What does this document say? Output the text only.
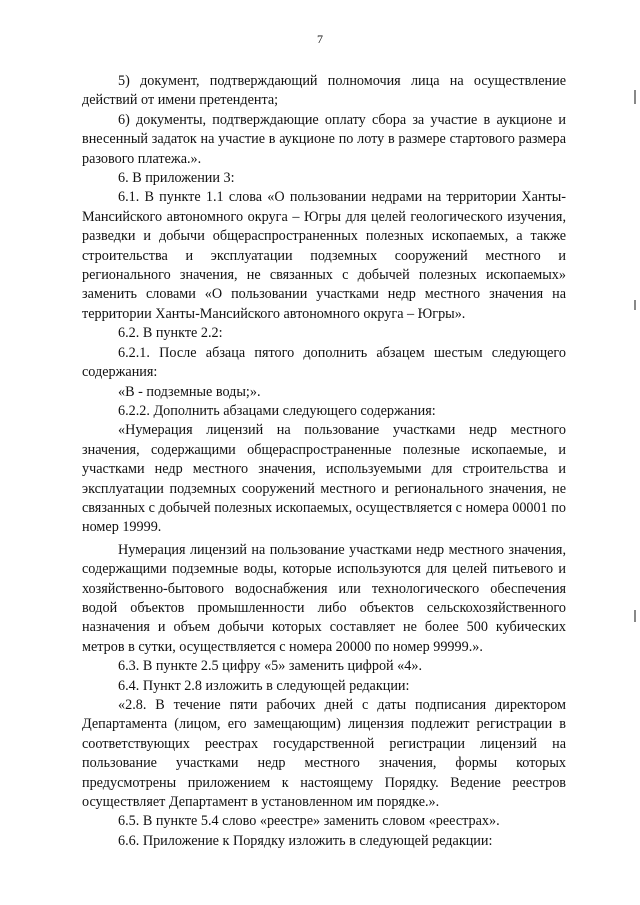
7

5) документ, подтверждающий полномочия лица на осуществление действий от имени претендента;

6) документы, подтверждающие оплату сбора за участие в аукционе и внесенный задаток на участие в аукционе по лоту в размере стартового размера разового платежа.».

6. В приложении 3:

6.1. В пункте 1.1 слова «О пользовании недрами на территории Ханты-Мансийского автономного округа – Югры для целей геологического изучения, разведки и добычи общераспространенных полезных ископаемых, а также строительства и эксплуатации подземных сооружений местного и регионального значения, не связанных с добычей полезных ископаемых» заменить словами «О пользовании участками недр местного значения на территории Ханты-Мансийского автономного округа – Югры».

6.2. В пункте 2.2:

6.2.1. После абзаца пятого дополнить абзацем шестым следующего содержания:

«В - подземные воды;».

6.2.2. Дополнить абзацами следующего содержания:

«Нумерация лицензий на пользование участками недр местного значения, содержащими общераспространенные полезные ископаемые, и участками недр местного значения, используемыми для строительства и эксплуатации подземных сооружений местного и регионального значения, не связанных с добычей полезных ископаемых, осуществляется с номера 00001 по номер 19999.

Нумерация лицензий на пользование участками недр местного значения, содержащими подземные воды, которые используются для целей питьевого и хозяйственно-бытового водоснабжения или технологического обеспечения водой объектов промышленности либо объектов сельскохозяйственного назначения и объем добычи которых составляет не более 500 кубических метров в сутки, осуществляется с номера 20000 по номер 99999.».

6.3. В пункте 2.5 цифру «5» заменить цифрой «4».

6.4. Пункт 2.8 изложить в следующей редакции:

«2.8. В течение пяти рабочих дней с даты подписания директором Департамента (лицом, его замещающим) лицензия подлежит регистрации в соответствующих реестрах государственной регистрации лицензий на пользование участками недр местного значения, формы которых предусмотрены приложением к настоящему Порядку. Ведение реестров осуществляет Департамент в установленном им порядке.».

6.5. В пункте 5.4 слово «реестре» заменить словом «реестрах».

6.6. Приложение к Порядку изложить в следующей редакции:
